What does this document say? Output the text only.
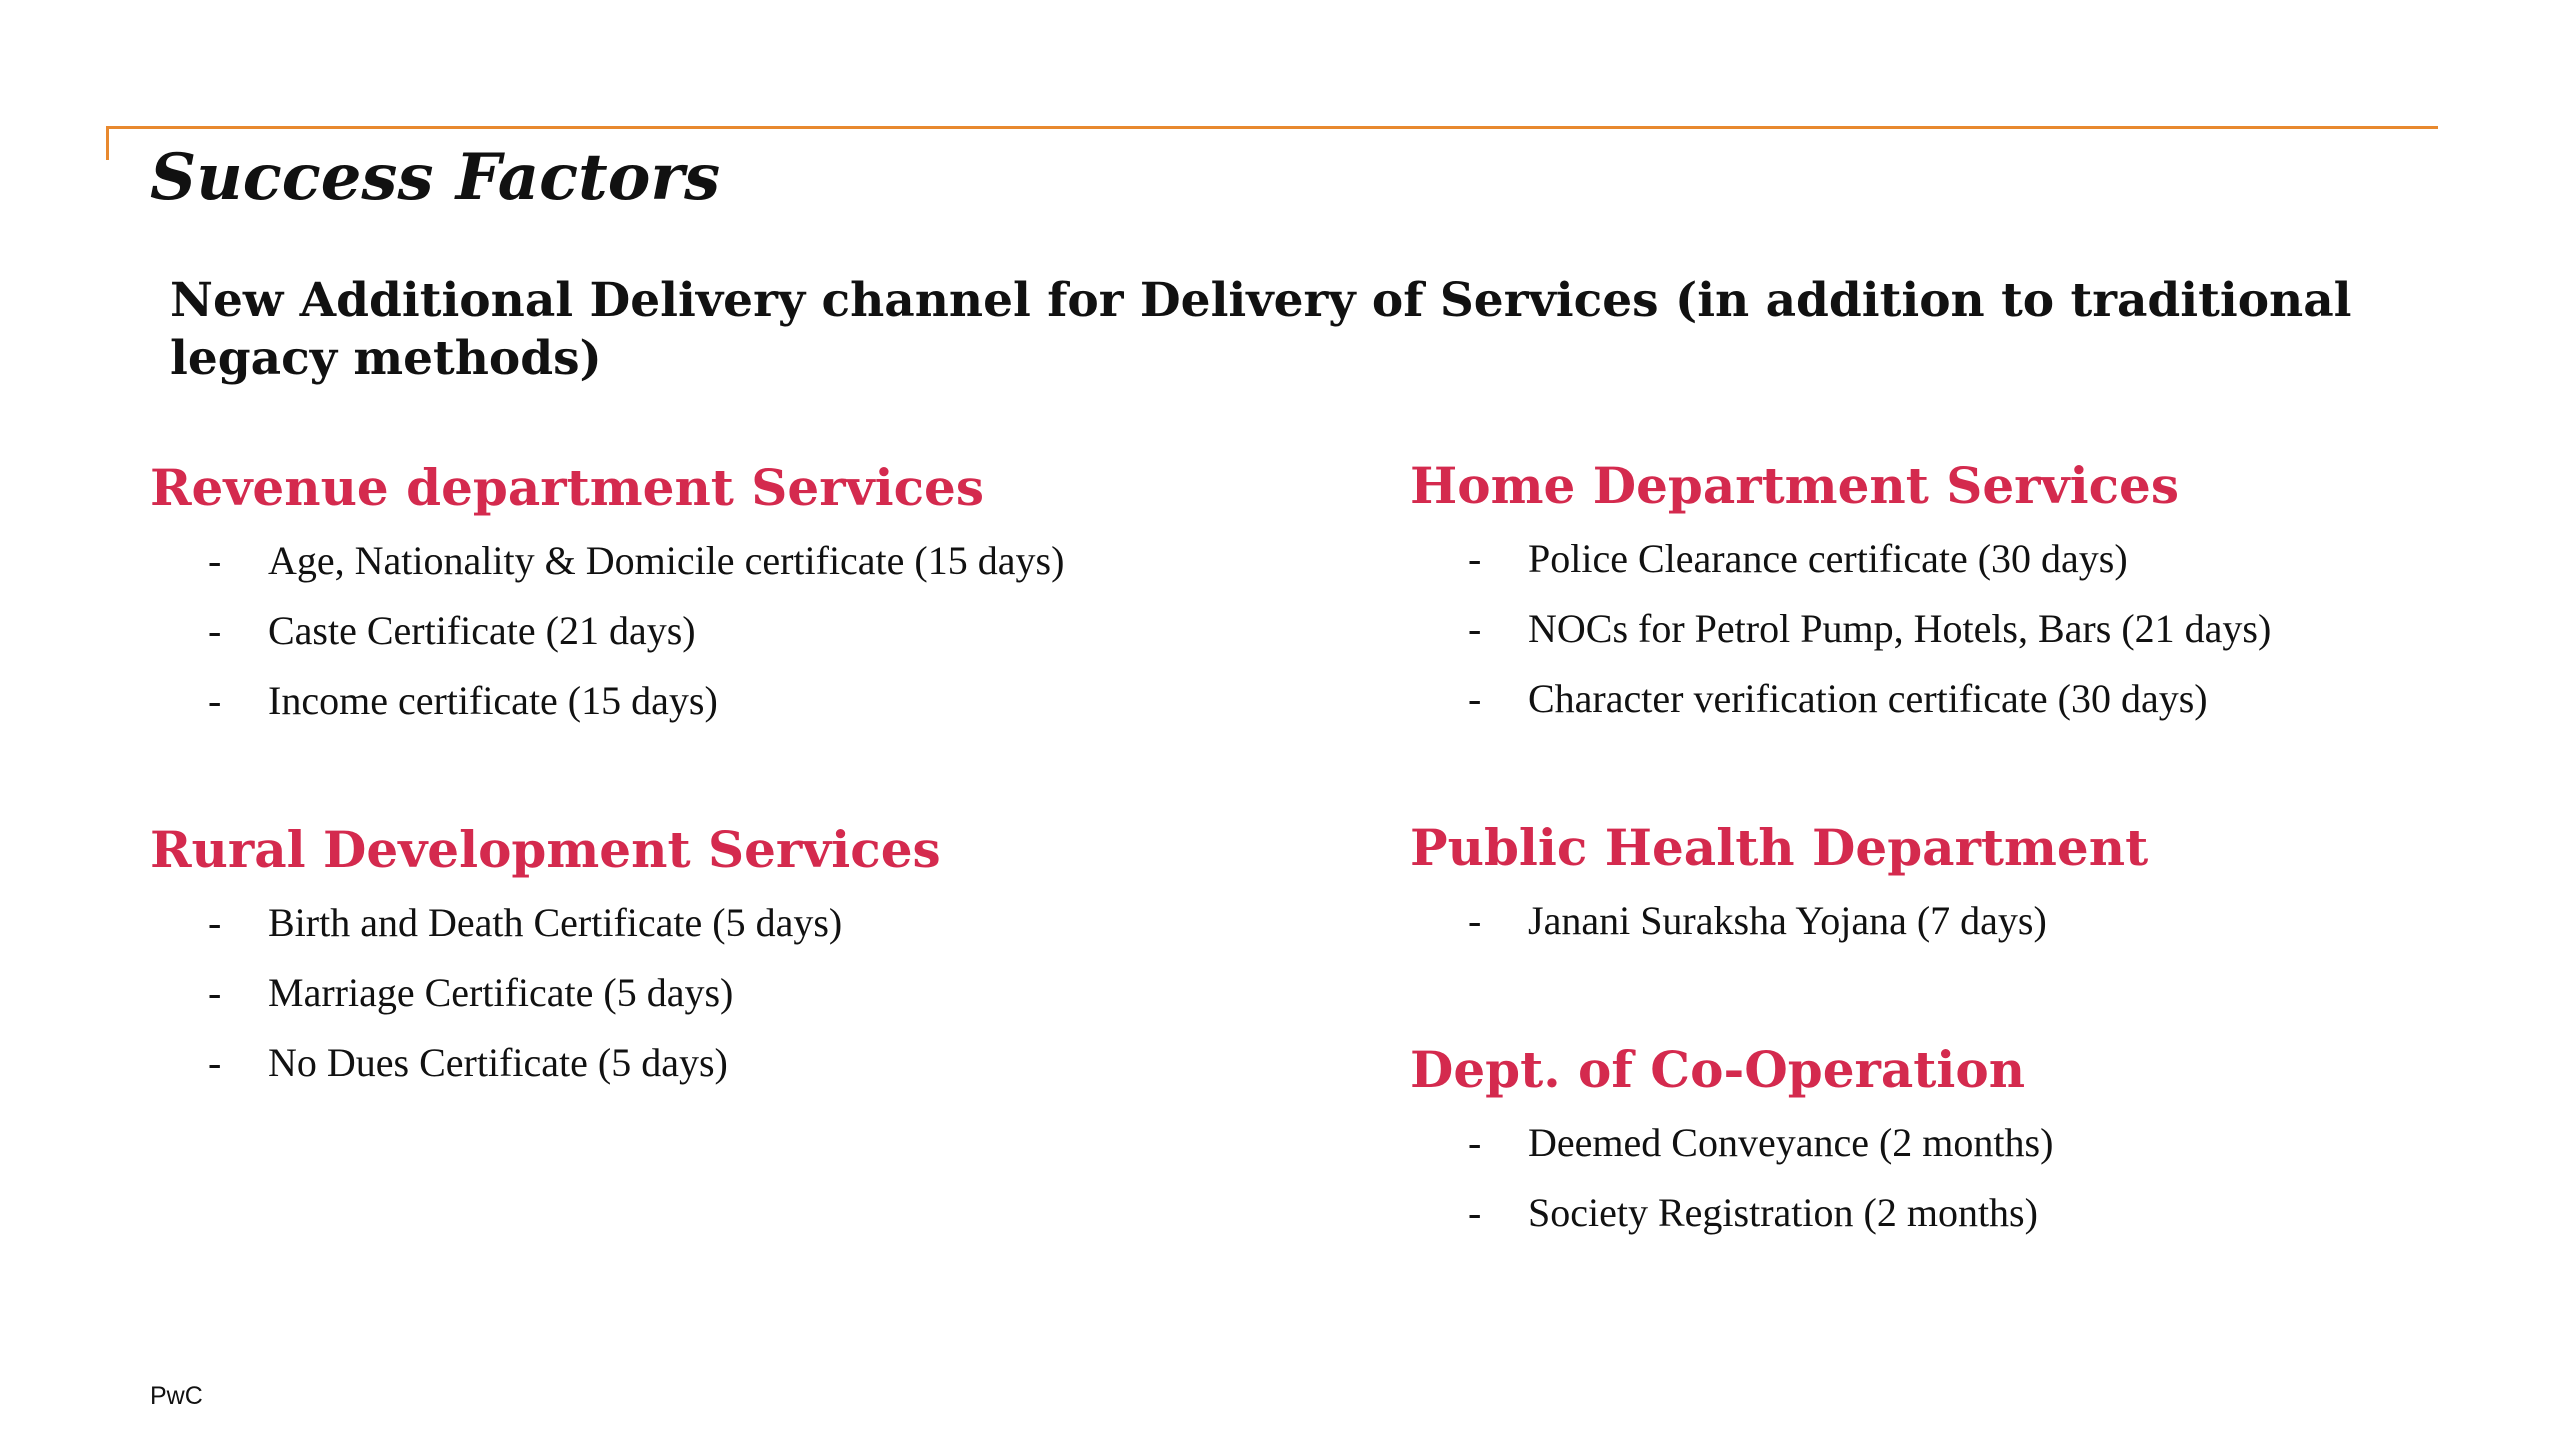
Success Factors
New Additional Delivery channel for Delivery of Services (in addition to traditional legacy methods)
Revenue department Services
- Age, Nationality & Domicile certificate (15 days)
- Caste Certificate (21 days)
- Income certificate (15 days)
Rural Development Services
- Birth and Death Certificate (5 days)
- Marriage Certificate (5 days)
- No Dues Certificate (5 days)
Home Department Services
- Police Clearance certificate (30 days)
- NOCs for Petrol Pump, Hotels, Bars (21 days)
- Character verification certificate (30 days)
Public Health Department
- Janani Suraksha Yojana (7 days)
Dept. of Co-Operation
- Deemed Conveyance (2 months)
- Society Registration (2 months)
PwC
